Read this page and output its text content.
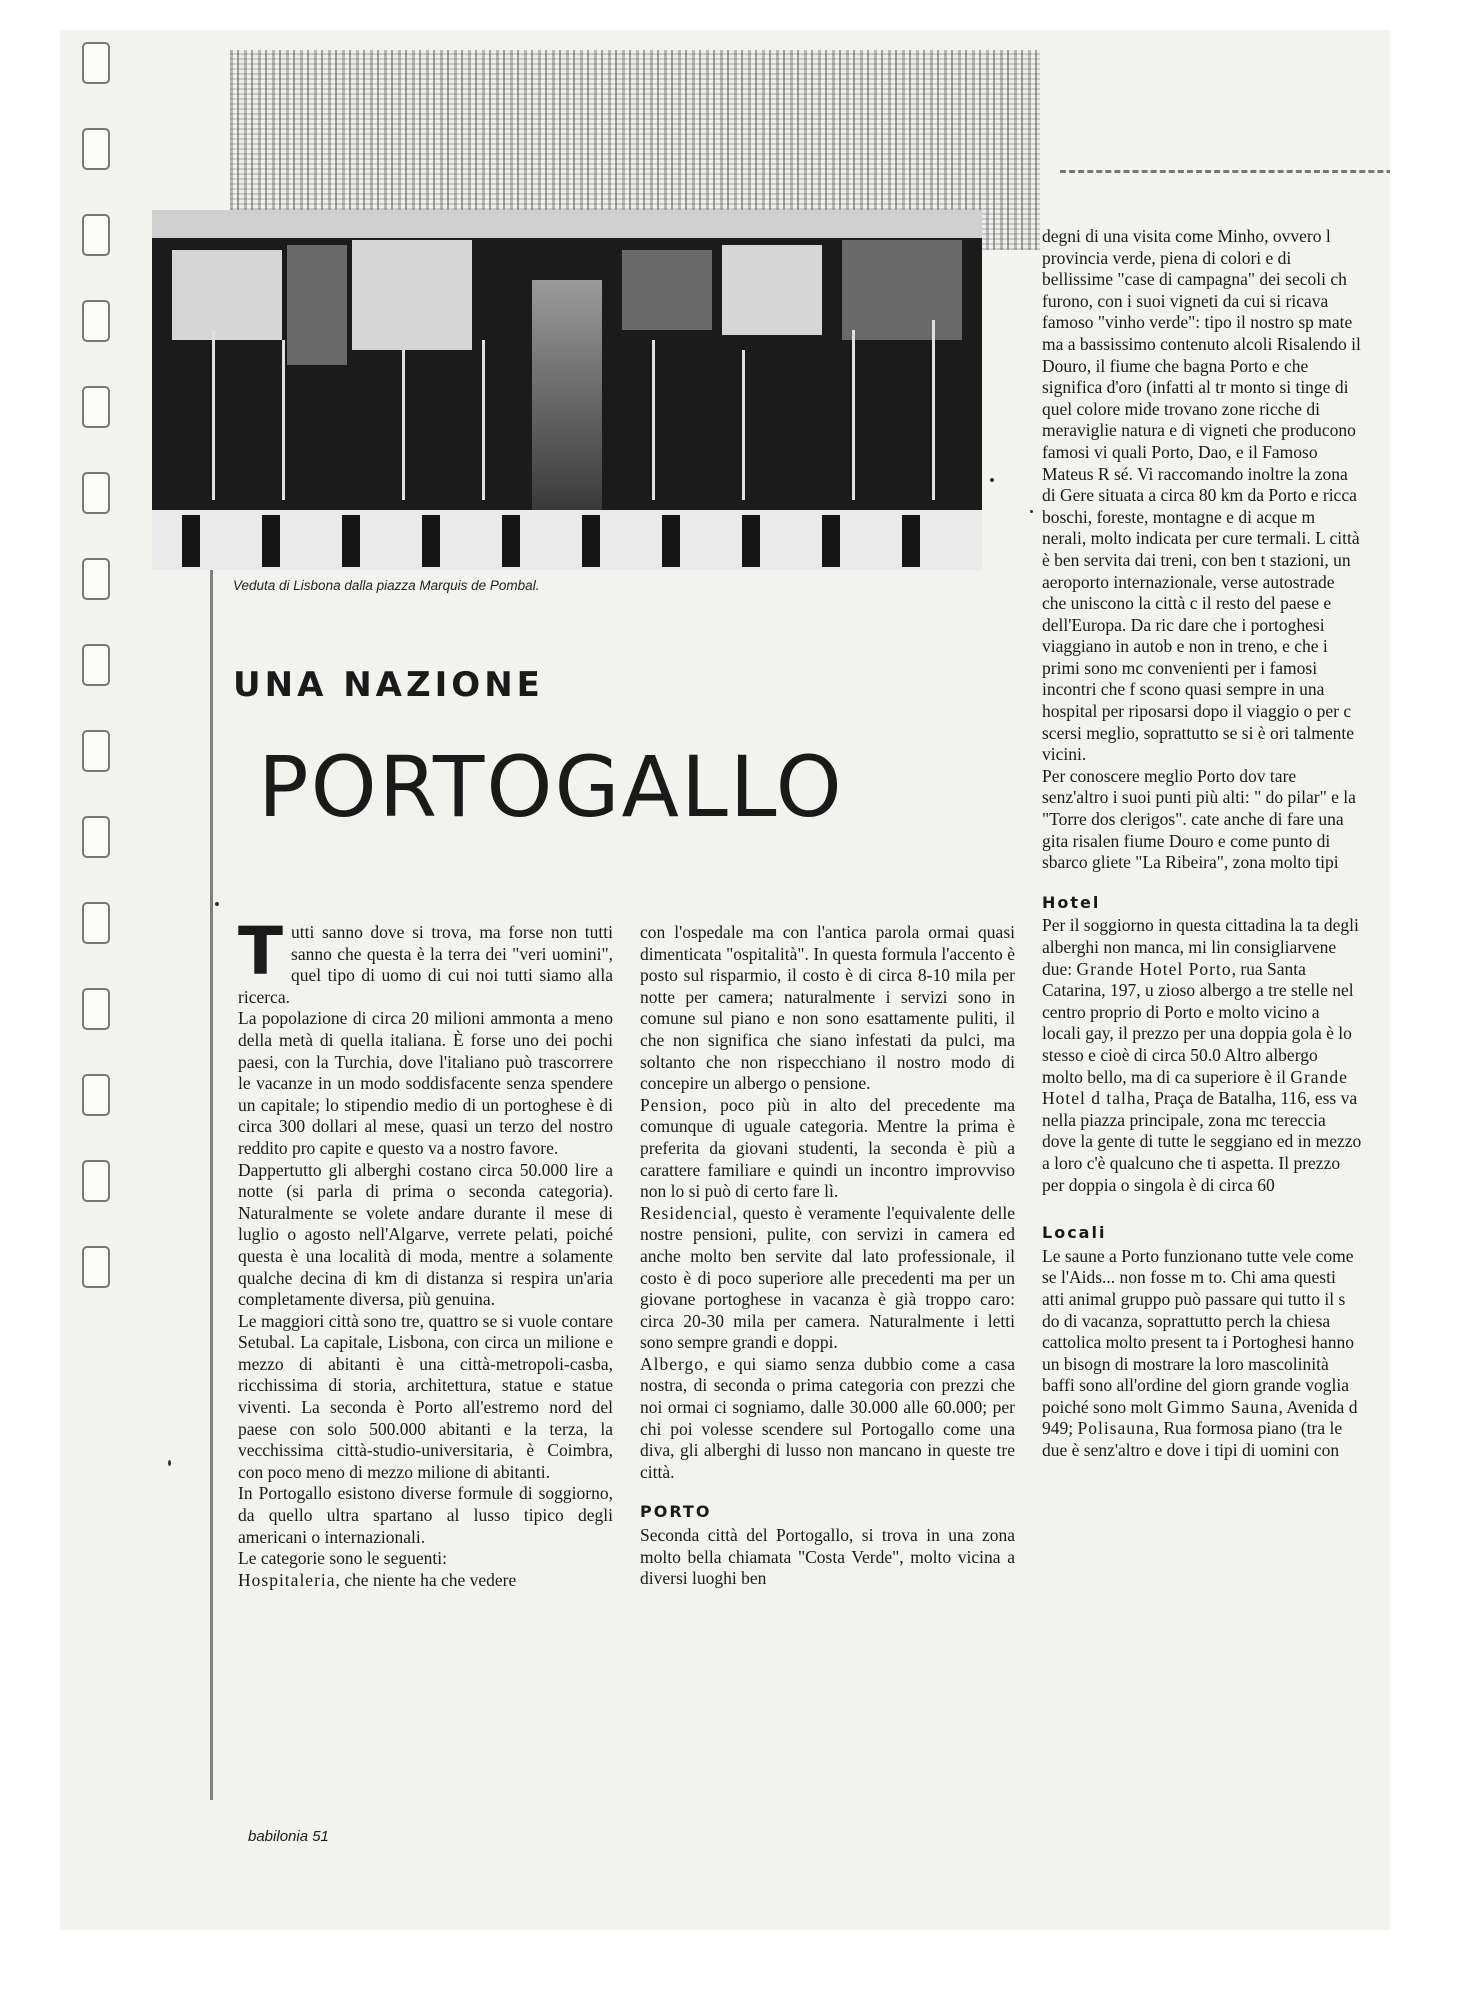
Veduta di Lisbona dalla piazza Marquis de Pombal.
UNA NAZIONE
PORTOGALLO

Tutti sanno dove si trova, ma forse non tutti sanno che questa è la terra dei "veri uomini", quel tipo di uomo di cui noi tutti siamo alla ricerca.

La popolazione di circa 20 milioni ammonta a meno della metà di quella italiana. È forse uno dei pochi paesi, con la Turchia, dove l'italiano può trascorrere le vacanze in un modo soddisfacente senza spendere un capitale; lo stipendio medio di un portoghese è di circa 300 dollari al mese, quasi un terzo del nostro reddito pro capite e questo va a nostro favore.

Dappertutto gli alberghi costano circa 50.000 lire a notte (si parla di prima o seconda categoria). Naturalmente se volete andare durante il mese di luglio o agosto nell'Algarve, verrete pelati, poiché questa è una località di moda, mentre a solamente qualche decina di km di distanza si respira un'aria completamente diversa, più genuina.

Le maggiori città sono tre, quattro se si vuole contare Setubal. La capitale, Lisbona, con circa un milione e mezzo di abitanti è una città-metropoli-casba, ricchissima di storia, architettura, statue e statue viventi. La seconda è Porto all'estremo nord del paese con solo 500.000 abitanti e la terza, la vecchissima città-studio-universitaria, è Coimbra, con poco meno di mezzo milione di abitanti.

In Portogallo esistono diverse formule di soggiorno, da quello ultra spartano al lusso tipico degli americani o internazionali.

Le categorie sono le seguenti:

Hospitaleria, che niente ha che vedere

con l'ospedale ma con l'antica parola ormai quasi dimenticata "ospitalità". In questa formula l'accento è posto sul risparmio, il costo è di circa 8-10 mila per notte per camera; naturalmente i servizi sono in comune sul piano e non sono esattamente puliti, il che non significa che siano infestati da pulci, ma soltanto che non rispecchiano il nostro modo di concepire un albergo o pensione.

Pension, poco più in alto del precedente ma comunque di uguale categoria. Mentre la prima è preferita da giovani studenti, la seconda è più a carattere familiare e quindi un incontro improvviso non lo si può di certo fare lì.

Residencial, questo è veramente l'equivalente delle nostre pensioni, pulite, con servizi in camera ed anche molto ben servite dal lato professionale, il costo è di poco superiore alle precedenti ma per un giovane portoghese in vacanza è già troppo caro: circa 20-30 mila per camera. Naturalmente i letti sono sempre grandi e doppi.

Albergo, e qui siamo senza dubbio come a casa nostra, di seconda o prima categoria con prezzi che noi ormai ci sogniamo, dalle 30.000 alle 60.000; per chi poi volesse scendere sul Portogallo come una diva, gli alberghi di lusso non mancano in queste tre città.

PORTO

Seconda città del Portogallo, si trova in una zona molto bella chiamata "Costa Verde", molto vicina a diversi luoghi ben

degni di una visita come Minho, ovvero l provincia verde, piena di colori e di bellissime "case di campagna" dei secoli ch furono, con i suoi vigneti da cui si ricava famoso "vinho verde": tipo il nostro sp mate ma a bassissimo contenuto alcoli Risalendo il Douro, il fiume che bagna Porto e che significa d'oro (infatti al tr monto si tinge di quel colore mide trovano zone ricche di meraviglie natura e di vigneti che producono famosi vi quali Porto, Dao, e il Famoso Mateus R sé. Vi raccomando inoltre la zona di Gere situata a circa 80 km da Porto e ricca boschi, foreste, montagne e di acque m nerali, molto indicata per cure termali. L città è ben servita dai treni, con ben t stazioni, un aeroporto internazionale, verse autostrade che uniscono la città c il resto del paese e dell'Europa. Da ric dare che i portoghesi viaggiano in autob e non in treno, e che i primi sono mc convenienti per i famosi incontri che f scono quasi sempre in una hospital per riposarsi dopo il viaggio o per c scersi meglio, soprattutto se si è ori talmente vicini.

Per conoscere meglio Porto dov tare senz'altro i suoi punti più alti: " do pilar" e la "Torre dos clerigos". cate anche di fare una gita risalen fiume Douro e come punto di sbarco gliete "La Ribeira", zona molto tipi

Hotel

Per il soggiorno in questa cittadina la ta degli alberghi non manca, mi lin consigliarvene due: Grande Hotel Porto, rua Santa Catarina, 197, u zioso albergo a tre stelle nel centro proprio di Porto e molto vicino a locali gay, il prezzo per una doppia gola è lo stesso e cioè di circa 50.0 Altro albergo molto bello, ma di ca superiore è il Grande Hotel d talha, Praça de Batalha, 116, ess va nella piazza principale, zona mc tereccia dove la gente di tutte le seggiano ed in mezzo a loro c'è qualcuno che ti aspetta. Il prezzo per doppia o singola è di circa 60

Locali

Le saune a Porto funzionano tutte vele come se l'Aids... non fosse m to. Chi ama questi atti animal gruppo può passare qui tutto il s do di vacanza, soprattutto perch la chiesa cattolica molto present ta i Portoghesi hanno un bisogn di mostrare la loro mascolinità baffi sono all'ordine del giorn grande voglia poiché sono molt Gimmo Sauna, Avenida d 949; Polisauna, Rua formosa piano (tra le due è senz'altro e dove i tipi di uomini con

babilonia 51
